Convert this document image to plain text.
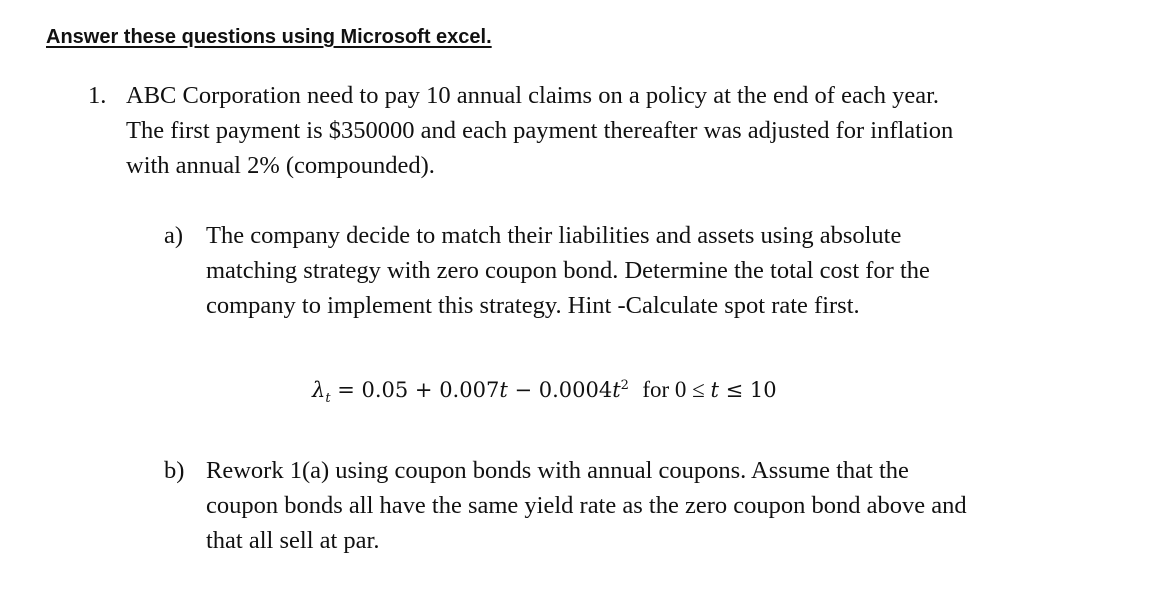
Answer these questions using Microsoft excel.
1. ABC Corporation need to pay 10 annual claims on a policy at the end of each year.
The first payment is $350000 and each payment thereafter was adjusted for inflation
with annual 2% (compounded).
a) The company decide to match their liabilities and assets using absolute
matching strategy with zero coupon bond. Determine the total cost for the
company to implement this strategy. Hint -Calculate spot rate first.
$\lambda_t = 0.05 + 0.007t - 0.0004t^2$ for 0 ≤ t ≤ 10
b) Rework 1(a) using coupon bonds with annual coupons. Assume that the
coupon bonds all have the same yield rate as the zero coupon bond above and
that all sell at par.
